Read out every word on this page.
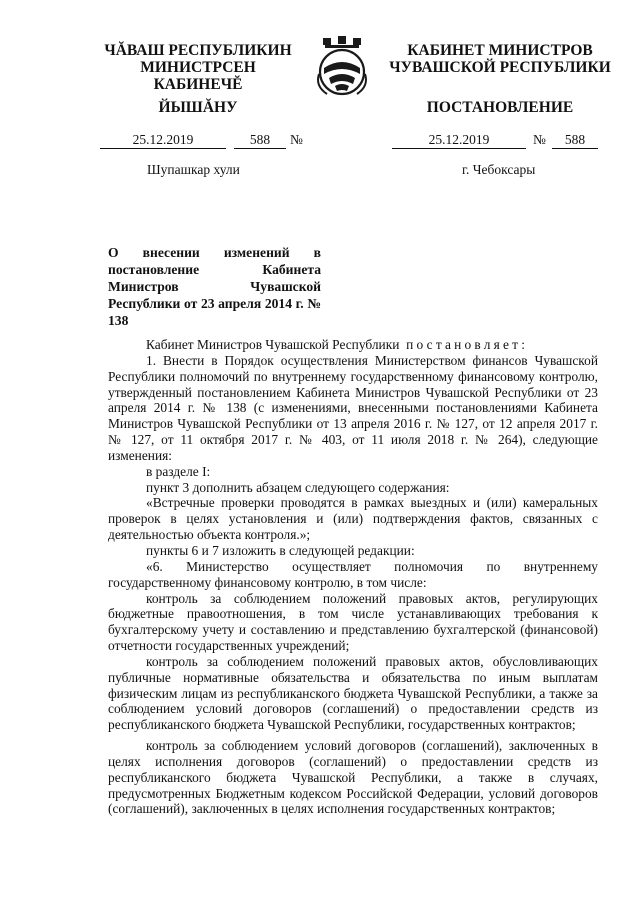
ЧĂВАШ РЕСПУБЛИКИН
МИНИСТРСЕН КАБИНЕЧĔ
ЙЫШĂНУ
КАБИНЕТ МИНИСТРОВ
ЧУВАШСКОЙ РЕСПУБЛИКИ
ПОСТАНОВЛЕНИЕ
25.12.2019	588	№	25.12.2019	№	588
Шупашкар хули	г. Чебоксары
О внесении изменений в постановление Кабинета Министров Чувашской Республики от 23 апреля 2014 г. № 138

Кабинет Министров Чувашской Республики постановляет:

1. Внести в Порядок осуществления Министерством финансов Чувашской Республики полномочий по внутреннему государственному финансовому контролю, утвержденный постановлением Кабинета Министров Чувашской Республики от 23 апреля 2014 г. № 138 (с изменениями, внесенными постановлениями Кабинета Министров Чувашской Республики от 13 апреля 2016 г. № 127, от 12 апреля 2017 г. № 127, от 11 октября 2017 г. № 403, от 11 июля 2018 г. № 264), следующие изменения:

в разделе I:

пункт 3 дополнить абзацем следующего содержания:

«Встречные проверки проводятся в рамках выездных и (или) камеральных проверок в целях установления и (или) подтверждения фактов, связанных с деятельностью объекта контроля.»;

пункты 6 и 7 изложить в следующей редакции:

«6. Министерство осуществляет полномочия по внутреннему государственному финансовому контролю, в том числе:

контроль за соблюдением положений правовых актов, регулирующих бюджетные правоотношения, в том числе устанавливающих требования к бухгалтерскому учету и составлению и представлению бухгалтерской (финансовой) отчетности государственных учреждений;

контроль за соблюдением положений правовых актов, обусловливающих публичные нормативные обязательства и обязательства по иным выплатам физическим лицам из республиканского бюджета Чувашской Республики, а также за соблюдением условий договоров (соглашений) о предоставлении средств из республиканского бюджета Чувашской Республики, государственных контрактов;

контроль за соблюдением условий договоров (соглашений), заключенных в целях исполнения договоров (соглашений) о предоставлении средств из республиканского бюджета Чувашской Республики, а также в случаях, предусмотренных Бюджетным кодексом Российской Федерации, условий договоров (соглашений), заключенных в целях исполнения государственных контрактов;
